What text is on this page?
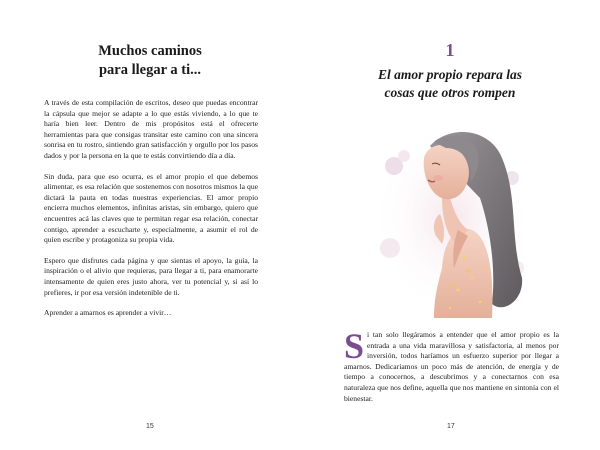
Muchos caminos
para llegar a ti...

A través de esta compilación de escritos, deseo que puedas encontrar la cápsula que mejor se adapte a lo que estás viviendo, a lo que te haría bien leer. Dentro de mis propósitos está el ofrecerte herramientas para que consigas transitar este camino con una sincera sonrisa en tu rostro, sintiendo gran satisfacción y orgullo por los pasos dados y por la persona en la que te estás convirtiendo día a día.

Sin duda, para que eso ocurra, es el amor propio el que debemos alimentar, es esa relación que sostenemos con nosotros mismos la que dictará la pauta en todas nuestras experiencias. El amor propio encierra muchos elementos, infinitas aristas, sin embargo, quiero que encuentres acá las claves que te permitan regar esa relación, conectar contigo, aprender a escucharte y, especialmente, a asumir el rol de quien escribe y protagoniza su propia vida.

Espero que disfrutes cada página y que sientas el apoyo, la guía, la inspiración o el alivio que requieras, para llegar a ti, para enamorarte intensamente de quien eres justo ahora, ver tu potencial y, si así lo prefieres, ir por esa versión indetenible de ti.

Aprender a amarnos es aprender a vivir…

15
1
El amor propio repara las
cosas que otros rompen
S i tan solo llegáramos a entender que el amor propio es la entrada a una vida maravillosa y satisfactoria, al menos por inversión, todos haríamos un esfuerzo superior por llegar a amarnos. Dedicaríamos un poco más de atención, de energía y de tiempo a conocernos, a descubrimos y a conectarnos con esa naturaleza que nos define, aquella que nos mantiene en sintonía con el bienestar.
17
